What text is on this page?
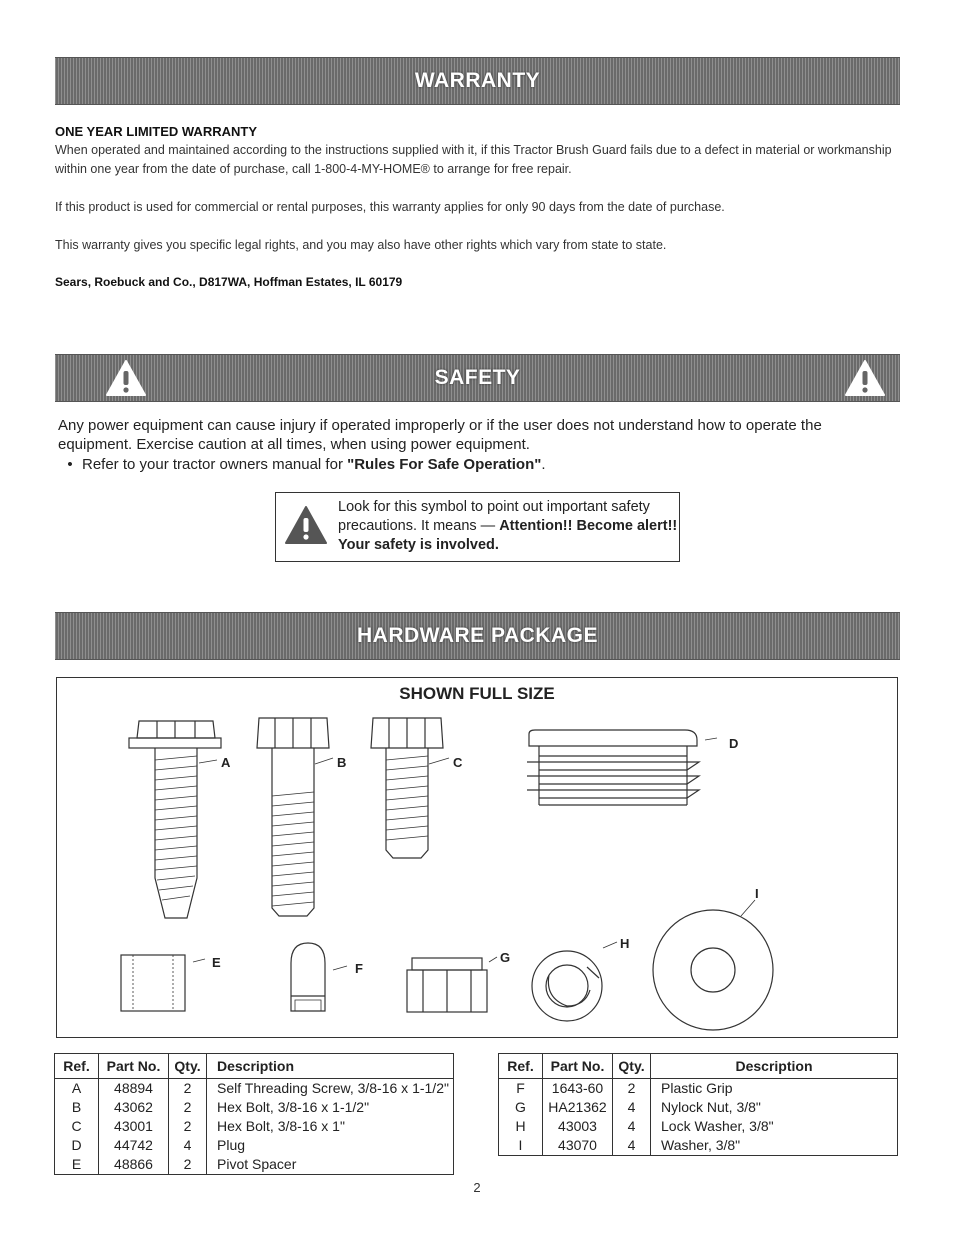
WARRANTY
ONE YEAR LIMITED WARRANTY
When operated and maintained according to the instructions supplied with it, if this Tractor Brush Guard fails due to a defect in material or workmanship within one year from the date of purchase, call 1-800-4-MY-HOME® to arrange for free repair.
If this product is used for commercial or rental purposes, this warranty applies for only 90 days from the date of purchase.
This warranty gives you specific legal rights, and you may also have other rights which vary from state to state.
Sears, Roebuck and Co., D817WA, Hoffman Estates, IL 60179
SAFETY
Any power equipment can cause injury if operated improperly or if the user does not understand how to operate the equipment. Exercise caution at all times, when using power equipment.
• Refer to your tractor owners manual for "Rules For Safe Operation".
Look for this symbol to point out important safety precautions. It means — Attention!! Become alert!! Your safety is involved.
HARDWARE PACKAGE
SHOWN FULL SIZE
A	B	C
D
E	F
G
H
I
Ref.	Part No.	Qty.	Description
A	48894	2	Self Threading Screw, 3/8-16 x 1-1/2"
B	43062	2	Hex Bolt, 3/8-16 x 1-1/2"
C	43001	2	Hex Bolt, 3/8-16 x 1"
D	44742	4	Plug
E	48866	2	Pivot Spacer
Ref.	Part No.	Qty.	Description
F	1643-60	2	Plastic Grip
G	HA21362	4	Nylock Nut, 3/8"
H	43003	4	Lock Washer, 3/8"
I	43070	4	Washer, 3/8"
2
